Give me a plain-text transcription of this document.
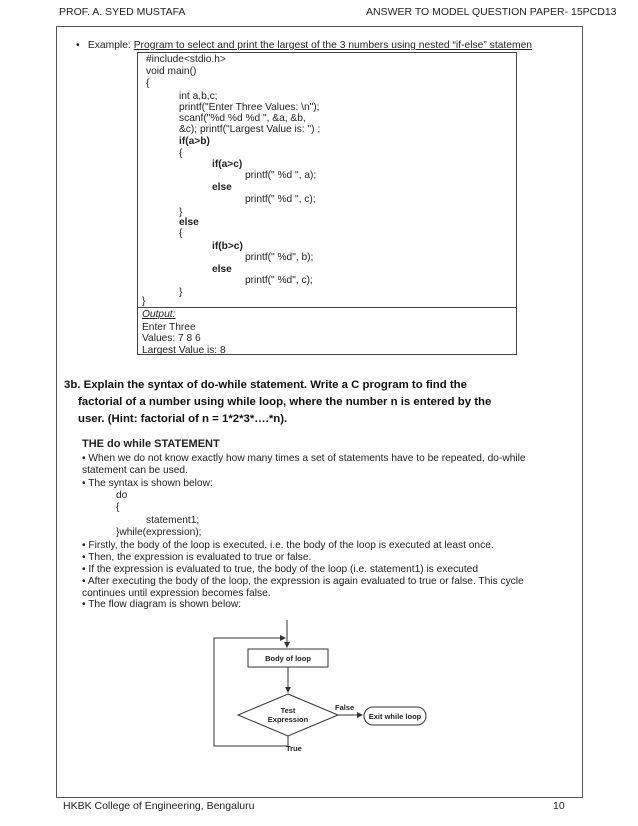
PROF. A. SYED MUSTAFA	ANSWER TO MODEL QUESTION PAPER- 15PCD13
• Example: Program to select and print the largest of the 3 numbers using nested “if-else” statemen
#include<stdio.h>
void main()
{
int a,b,c;
printf("Enter Three Values: \n");
scanf("%d %d %d ", &a, &b,
&c); printf("Largest Value is: ") ;
if(a>b)
{
if(a>c)
printf(" %d ", a);
else
printf(" %d ", c);
}
else
{
if(b>c)
printf(" %d", b);
else
printf(" %d", c);
}
}
Output:
Enter Three
Values: 7 8 6
Largest Value is: 8
3b. Explain the syntax of do-while statement. Write a C program to find the
factorial of a number using while loop, where the number n is entered by the
user. (Hint: factorial of n = 1*2*3*….*n).
THE do while STATEMENT
• When we do not know exactly how many times a set of statements have to be repeated, do-while
statement can be used.
• The syntax is shown below:
do
{
statement1;
}while(expression);
• Firstly, the body of the loop is executed. i.e. the body of the loop is executed at least once.
• Then, the expression is evaluated to true or false.
• If the expression is evaluated to true, the body of the loop (i.e. statement1) is executed
• After executing the body of the loop, the expression is again evaluated to true or false. This cycle
continues until expression becomes false.
• The flow diagram is shown below:
Body of loop
Test
Expression
False
Exit while loop
True
HKBK College of Engineering, Bengaluru	10
